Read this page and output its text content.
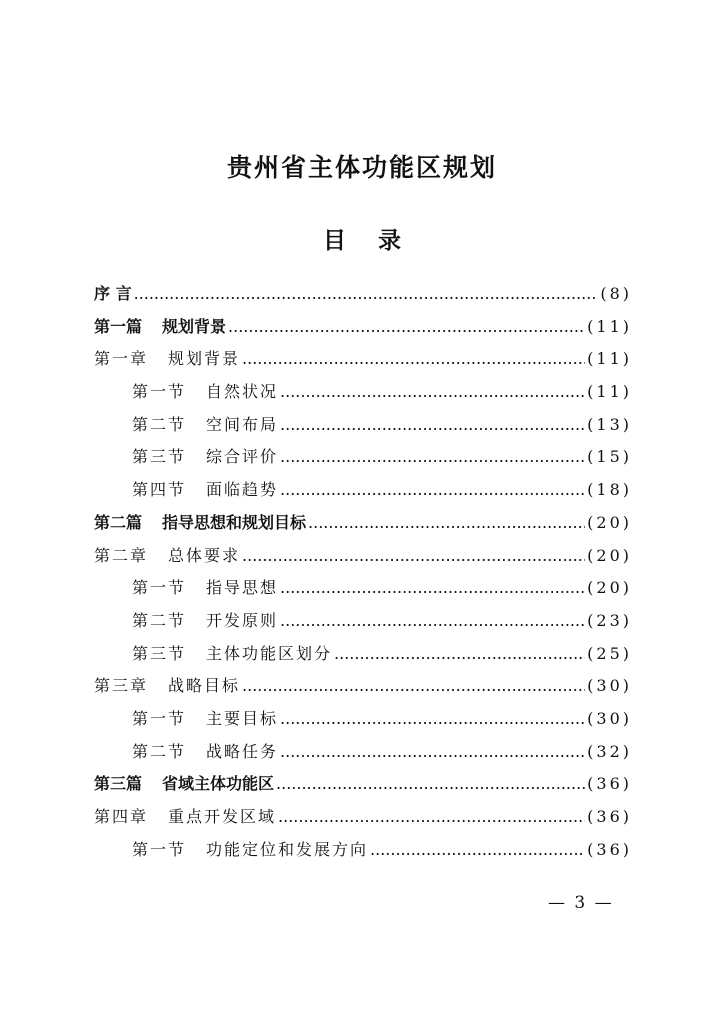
贵州省主体功能区规划
目 录
序 言 .....	(8)
第一篇 规划背景 .....	(11)
第一章 规划背景 .....	(11)
第一节 自然状况 .....	(11)
第二节 空间布局 .....	(13)
第三节 综合评价 .....	(15)
第四节 面临趋势 .....	(18)
第二篇 指导思想和规划目标 .....	(20)
第二章 总体要求 .....	(20)
第一节 指导思想 .....	(20)
第二节 开发原则 .....	(23)
第三节 主体功能区划分 .....	(25)
第三章 战略目标 .....	(30)
第一节 主要目标 .....	(30)
第二节 战略任务 .....	(32)
第三篇 省域主体功能区 .....	(36)
第四章 重点开发区域 .....	(36)
第一节 功能定位和发展方向 .....	(36)
— 3 —
